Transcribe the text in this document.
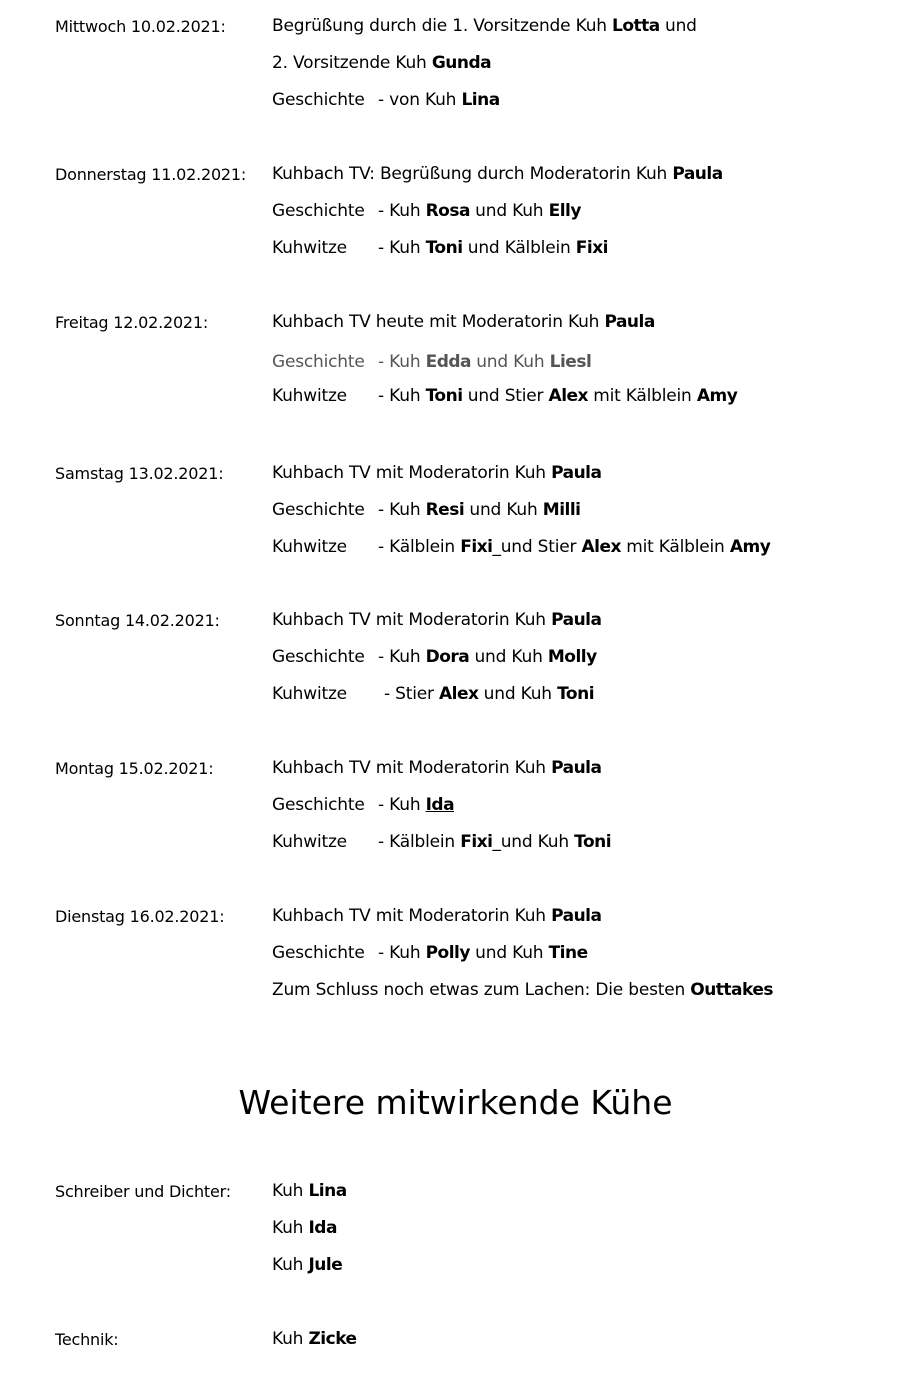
Mittwoch 10.02.2021:	Begrüßung durch die 1. Vorsitzende Kuh Lotta und
2. Vorsitzende Kuh Gunda
Geschichte - von Kuh Lina
Donnerstag 11.02.2021: Kuhbach TV: Begrüßung durch Moderatorin Kuh Paula
Geschichte - Kuh Rosa und Kuh Elly
Kuhwitze - Kuh Toni und Kälblein Fixi
Freitag 12.02.2021:	Kuhbach TV heute mit Moderatorin Kuh Paula
Geschichte - Kuh Edda und Kuh Liesl
Kuhwitze - Kuh Toni und Stier Alex mit Kälblein Amy
Samstag 13.02.2021:	Kuhbach TV mit Moderatorin Kuh Paula
Geschichte - Kuh Resi und Kuh Milli
Kuhwitze - Kälblein Fixi_und Stier Alex mit Kälblein Amy
Sonntag 14.02.2021:	Kuhbach TV mit Moderatorin Kuh Paula
Geschichte - Kuh Dora und Kuh Molly
Kuhwitze - Stier Alex und Kuh Toni
Montag 15.02.2021:	Kuhbach TV mit Moderatorin Kuh Paula
Geschichte - Kuh Ida
Kuhwitze - Kälblein Fixi_und Kuh Toni
Dienstag 16.02.2021:	Kuhbach TV mit Moderatorin Kuh Paula
Geschichte - Kuh Polly und Kuh Tine
Zum Schluss noch etwas zum Lachen: Die besten Outtakes
Weitere mitwirkende Kühe
Schreiber und Dichter: Kuh Lina
Kuh Ida
Kuh Jule
Technik:	Kuh Zicke
